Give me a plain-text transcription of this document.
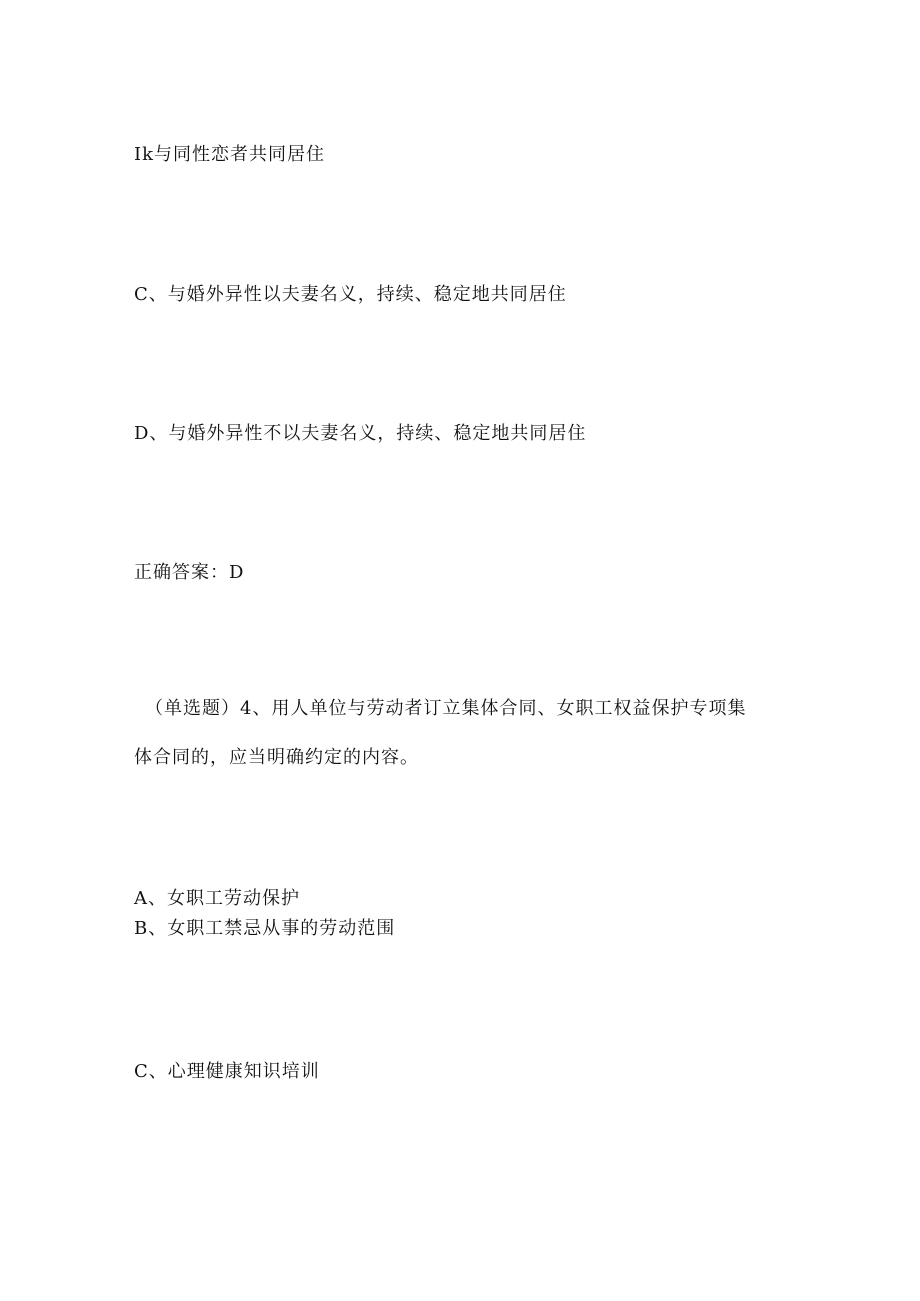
Ik与同性恋者共同居住
C、与婚外异性以夫妻名义，持续、稳定地共同居住
D、与婚外异性不以夫妻名义，持续、稳定地共同居住
正确答案：D
（单选题）4、用人单位与劳动者订立集体合同、女职工权益保护专项集
体合同的，应当明确约定的内容。
A、女职工劳动保护
B、女职工禁忌从事的劳动范围
C、心理健康知识培训
